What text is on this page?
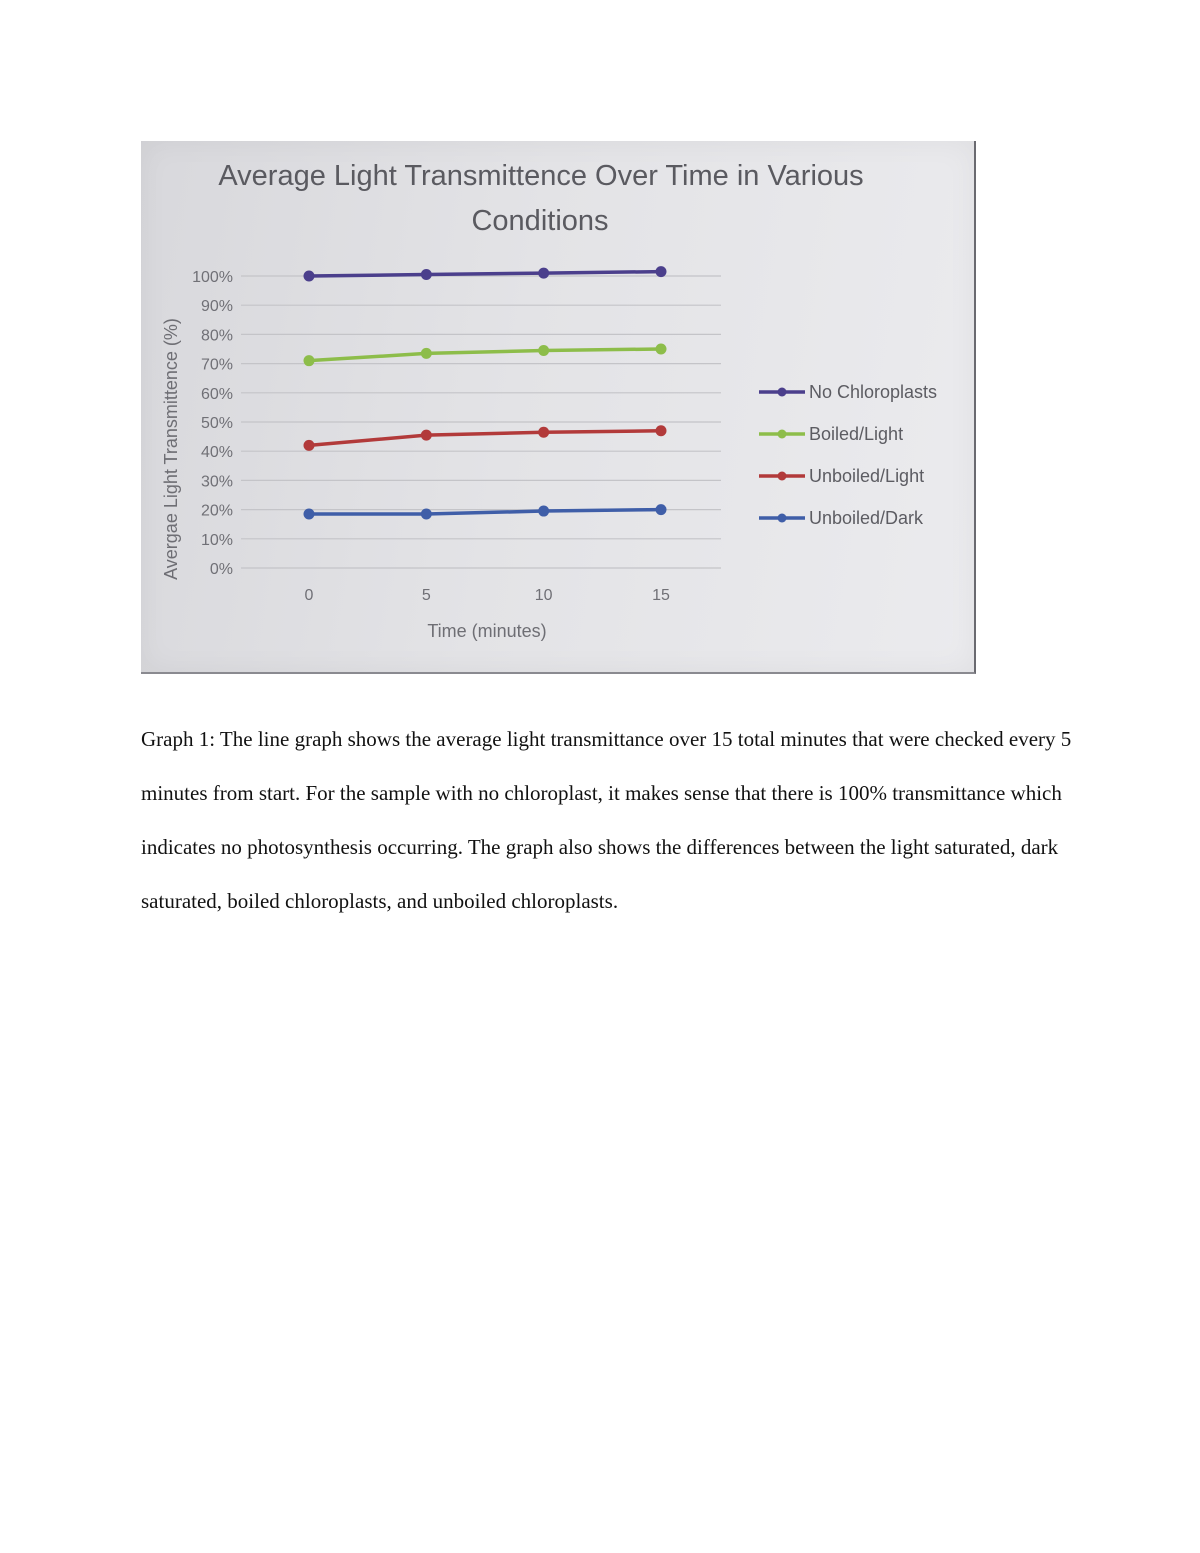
Average Light Transmittence Over Time in Various
Conditions
Avergae Light Transmittence (%)
Time (minutes)
0%
10%
20%
30%
40%
50%
60%
70%
80%
90%
100%
0	5	10	15
No Chloroplasts
Boiled/Light
Unboiled/Light
Unboiled/Dark

Graph 1: The line graph shows the average light transmittance over 15 total minutes that were checked every 5 minutes from start. For the sample with no chloroplast, it makes sense that there is 100% transmittance which indicates no photosynthesis occurring. The graph also shows the differences between the light saturated, dark saturated, boiled chloroplasts, and unboiled chloroplasts.
